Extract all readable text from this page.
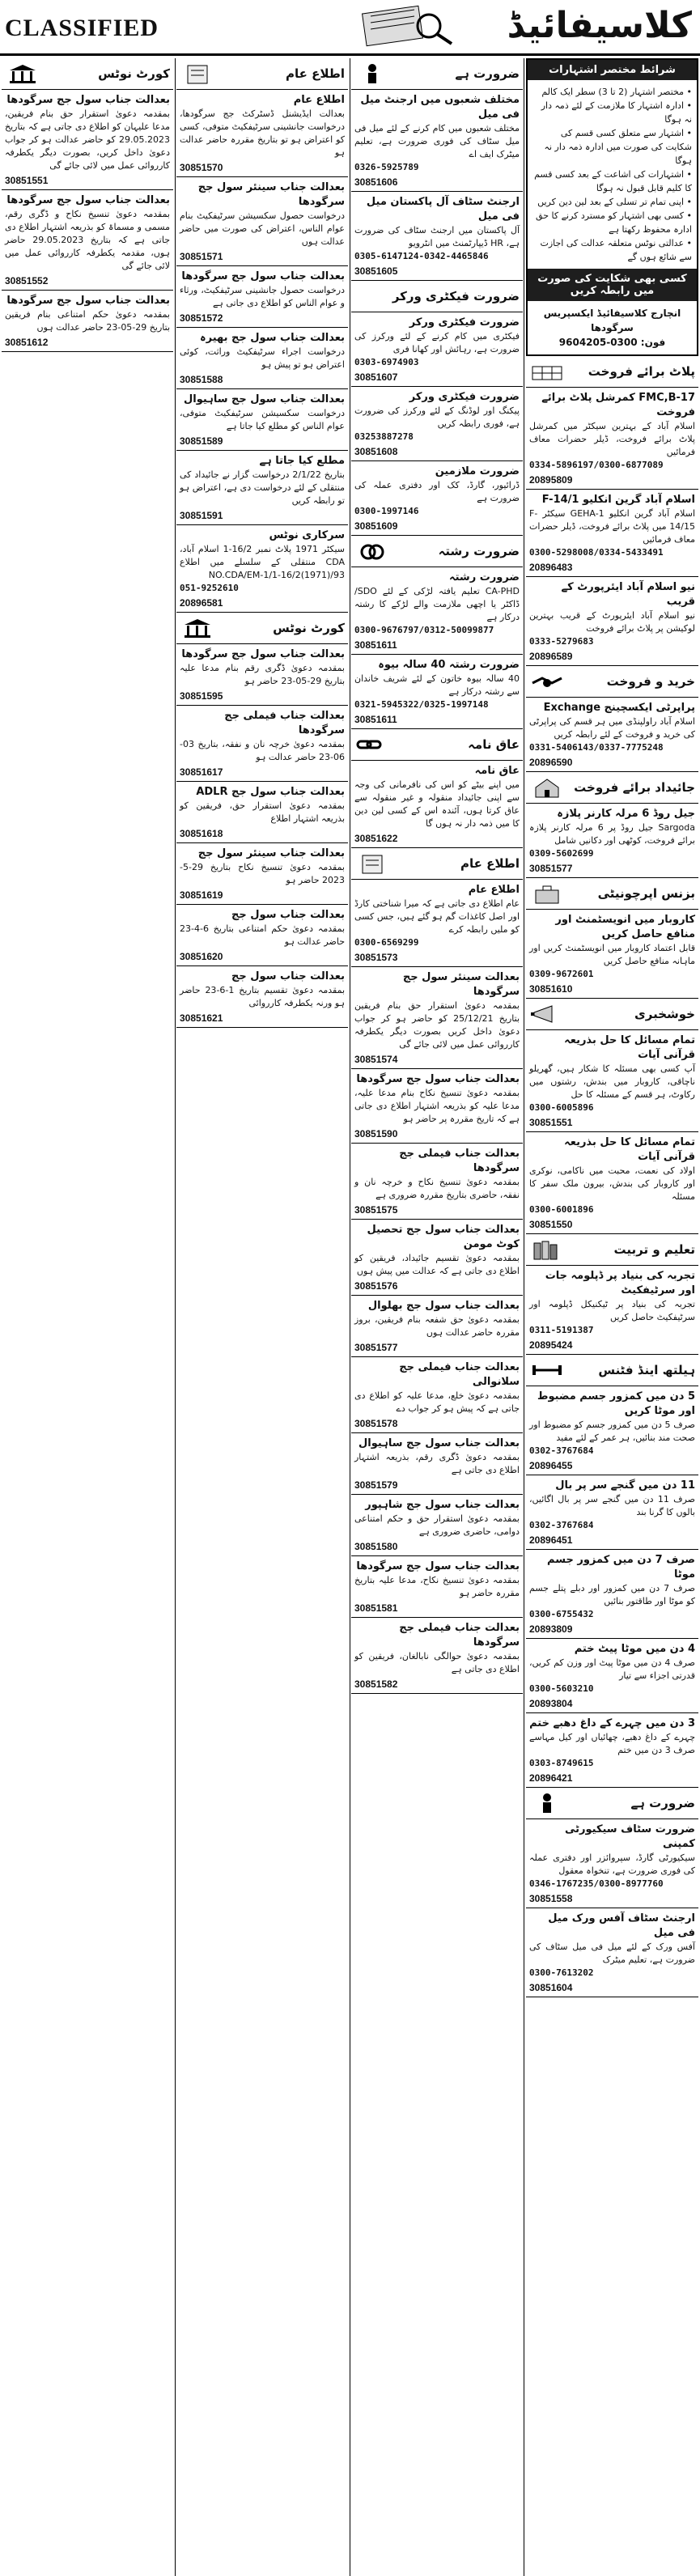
CLASSIFIED	کلاسیفائیڈ
شرائط مختصر اشتہارات
• مختصر اشتہار (2 تا 3) سطر ایک کالم
• ادارہ اشتہار کا ملازمت کے لئے ذمہ دار نہ ہوگا
• اشتہار سے متعلق کسی قسم کی شکایت کی صورت میں ادارہ ذمہ دار نہ ہوگا
• اشتہارات کی اشاعت کے بعد کسی قسم کا کلیم قابل قبول نہ ہوگا
• اپنی تمام تر تسلی کے بعد لین دین کریں
• کسی بھی اشتہار کو مسترد کرنے کا حق ادارہ محفوظ رکھتا ہے
• عدالتی نوٹس متعلقہ عدالت کی اجازت سے شائع ہوں گے
کسی بھی شکایت کی صورت میں رابطہ کریں
انچارج کلاسیفائیڈ ایکسپریس سرگودھا
فون: 0300-9604205
پلاٹ برائے فروخت
FMC,B-17 کمرشل پلاٹ برائے فروخت
اسلام آباد کے بہترین سیکٹر میں کمرشل پلاٹ برائے فروخت، ڈیلر حضرات معاف فرمائیں
0334-5896197/0300-6877089
20895809
اسلام آباد گرین انکلیو F-14/1
اسلام آباد گرین انکلیو GEHA-1 سیکٹر F-14/15 میں پلاٹ برائے فروخت، ڈیلر حضرات معاف فرمائیں
0300-5298008/0334-5433491
20896483
نیو اسلام آباد ایئرپورٹ کے قریب
نیو اسلام آباد ایئرپورٹ کے قریب بہترین لوکیشن پر پلاٹ برائے فروخت
0333-5279683
20896589
خرید و فروخت
پراپرٹی ایکسچینج Exchange
اسلام آباد راولپنڈی میں ہر قسم کی پراپرٹی کی خرید و فروخت کے لئے رابطہ کریں
0331-5406143/0337-7775248
20896590
جائیداد برائے فروخت
جیل روڈ 6 مرلہ کارنر پلازہ
Sargoda جیل روڈ پر 6 مرلہ کارنر پلازہ برائے فروخت، کوٹھی اور دکانیں شامل
0309-5602699
30851577
بزنس اپرچونیٹی
کاروبار میں انویسٹمنٹ اور منافع حاصل کریں
قابل اعتماد کاروبار میں انویسٹمنٹ کریں اور ماہانہ منافع حاصل کریں
0309-9672601
30851610
خوشخبری
تمام مسائل کا حل بذریعہ قرآنی آیات
آپ کسی بھی مسئلہ کا شکار ہیں، گھریلو ناچاقی، کاروبار میں بندش، رشتوں میں رکاوٹ، ہر قسم کے مسئلہ کا حل
0300-6005896
30851551
تمام مسائل کا حل بذریعہ قرآنی آیات
اولاد کی نعمت، محبت میں ناکامی، نوکری اور کاروبار کی بندش، بیرون ملک سفر کا مسئلہ
0300-6001896
30851550
تعلیم و تربیت
تجربہ کی بنیاد پر ڈپلومہ جات اور سرٹیفکیٹ
تجربہ کی بنیاد پر ٹیکنیکل ڈپلومہ اور سرٹیفکیٹ حاصل کریں
0311-5191387
20895424
ہیلتھ اینڈ فٹنس
5 دن میں کمزور جسم مضبوط اور موٹا کریں
صرف 5 دن میں کمزور جسم کو مضبوط اور صحت مند بنائیں، ہر عمر کے لئے مفید
0302-3767684
20896455
11 دن میں گنجے سر پر بال
صرف 11 دن میں گنجے سر پر بال اگائیں، بالوں کا گرنا بند
0302-3767684
20896451
صرف 7 دن میں کمزور جسم موٹا
صرف 7 دن میں کمزور اور دبلے پتلے جسم کو موٹا اور طاقتور بنائیں
0300-6755432
20893809
4 دن میں موٹا پیٹ ختم
صرف 4 دن میں موٹا پیٹ اور وزن کم کریں، قدرتی اجزاء سے تیار
0300-5603210
20893804
3 دن میں چہرے کے داغ دھبے ختم
چہرے کے داغ دھبے، چھائیاں اور کیل مہاسے صرف 3 دن میں ختم
0303-8749615
20896421
ضرورت ہے
ضرورت سٹاف سیکیورٹی کمپنی
سیکیورٹی گارڈ، سپروائزر اور دفتری عملہ کی فوری ضرورت ہے، تنخواہ معقول
0346-1767235/0300-8977760
30851558
ارجنٹ سٹاف آفس ورک میل فی میل
آفس ورک کے لئے میل فی میل سٹاف کی ضرورت ہے، تعلیم میٹرک
0300-7613202
30851604
ضرورت ہے
مختلف شعبوں میں ارجنٹ میل فی میل
مختلف شعبوں میں کام کرنے کے لئے میل فی میل سٹاف کی فوری ضرورت ہے، تعلیم میٹرک ایف اے
0326-5925789
30851606
ارجنٹ سٹاف آل پاکستان میل فی میل
آل پاکستان میں ارجنٹ سٹاف کی ضرورت ہے، HR ڈیپارٹمنٹ میں انٹرویو
0305-6147124-0342-4465846
30851605
ضرورت فیکٹری ورکر
ضرورت فیکٹری ورکر
فیکٹری میں کام کرنے کے لئے ورکرز کی ضرورت ہے، رہائش اور کھانا فری
0303-6974903
30851607
ضرورت فیکٹری ورکر
پیکنگ اور لوڈنگ کے لئے ورکرز کی ضرورت ہے، فوری رابطہ کریں
03253887278
30851608
ضرورت ملازمین
ڈرائیور، گارڈ، کک اور دفتری عملہ کی ضرورت ہے
0300-1997146
30851609
ضرورت رشتہ
ضرورت رشتہ
CA-PHD تعلیم یافتہ لڑکی کے لئے SDO/ڈاکٹر یا اچھی ملازمت والے لڑکے کا رشتہ درکار ہے
0300-9676797/0312-50099877
30851611
ضرورت رشتہ 40 سالہ بیوہ
40 سالہ بیوہ خاتون کے لئے شریف خاندان سے رشتہ درکار ہے
0321-5945322/0325-1997148
30851611
عاق نامہ
عاق نامہ
میں اپنے بیٹے کو اس کی نافرمانی کی وجہ سے اپنی جائیداد منقولہ و غیر منقولہ سے عاق کرتا ہوں، آئندہ اس کے کسی لین دین کا میں ذمہ دار نہ ہوں گا
30851622
اطلاع عام
اطلاع عام
عام اطلاع دی جاتی ہے کہ میرا شناختی کارڈ اور اصل کاغذات گم ہو گئے ہیں، جس کسی کو ملیں رابطہ کرے
0300-6569299
30851573
بعدالت سینئر سول جج سرگودھا
بمقدمہ دعویٰ استقرار حق بنام فریقین بتاریخ 25/12/21 کو حاضر ہو کر جواب دعویٰ داخل کریں بصورت دیگر یکطرفہ کارروائی عمل میں لائی جائے گی
30851574
بعدالت جناب سول جج سرگودھا
بمقدمہ دعویٰ تنسیخ نکاح بنام مدعا علیہ، مدعا علیہ کو بذریعہ اشتہار اطلاع دی جاتی ہے کہ تاریخ مقررہ پر حاضر ہو
30851590
بعدالت جناب فیملی جج سرگودھا
بمقدمہ دعویٰ تنسیخ نکاح و خرچہ نان و نفقہ، حاضری بتاریخ مقررہ ضروری ہے
30851575
بعدالت جناب سول جج تحصیل کوٹ مومن
بمقدمہ دعویٰ تقسیم جائیداد، فریقین کو اطلاع دی جاتی ہے کہ عدالت میں پیش ہوں
30851576
بعدالت جناب سول جج بھلوال
بمقدمہ دعویٰ حق شفعہ بنام فریقین، بروز مقررہ حاضر عدالت ہوں
30851577
بعدالت جناب فیملی جج سلانوالی
بمقدمہ دعویٰ خلع، مدعا علیہ کو اطلاع دی جاتی ہے کہ پیش ہو کر جواب دے
30851578
بعدالت جناب سول جج ساہیوال
بمقدمہ دعویٰ ڈگری رقم، بذریعہ اشتہار اطلاع دی جاتی ہے
30851579
بعدالت جناب سول جج شاہپور
بمقدمہ دعویٰ استقرار حق و حکم امتناعی دوامی، حاضری ضروری ہے
30851580
بعدالت جناب سول جج سرگودھا
بمقدمہ دعویٰ تنسیخ نکاح، مدعا علیہ بتاریخ مقررہ حاضر ہو
30851581
بعدالت جناب فیملی جج سرگودھا
بمقدمہ دعویٰ حوالگی نابالغان، فریقین کو اطلاع دی جاتی ہے
30851582
اطلاع عام
اطلاع عام
بعدالت ایڈیشنل ڈسٹرکٹ جج سرگودھا، درخواست جانشینی سرٹیفکیٹ متوفی، کسی کو اعتراض ہو تو بتاریخ مقررہ حاضر عدالت ہو
30851570
بعدالت جناب سینئر سول جج سرگودھا
درخواست حصول سکسیشن سرٹیفکیٹ بنام عوام الناس، اعتراض کی صورت میں حاضر عدالت ہوں
30851571
بعدالت جناب سول جج سرگودھا
درخواست حصول جانشینی سرٹیفکیٹ، ورثاء و عوام الناس کو اطلاع دی جاتی ہے
30851572
بعدالت جناب سول جج بھیرہ
درخواست اجراء سرٹیفکیٹ وراثت، کوئی اعتراض ہو تو پیش ہو
30851588
بعدالت جناب سول جج ساہیوال
درخواست سکسیشن سرٹیفکیٹ متوفی، عوام الناس کو مطلع کیا جاتا ہے
30851589
مطلع کیا جاتا ہے
بتاریخ 2/1/22 درخواست گزار نے جائیداد کی منتقلی کے لئے درخواست دی ہے، اعتراض ہو تو رابطہ کریں
30851591
سرکاری نوٹس
سیکٹر 1971 پلاٹ نمبر 16/2-1 اسلام آباد، CDA منتقلی کے سلسلے میں اطلاع NO.CDA/EM-1/1-16/2(1971)/93
051-9252610
20896581
کورٹ نوٹس
بعدالت جناب سول جج سرگودھا
بمقدمہ دعویٰ ڈگری رقم بنام مدعا علیہ بتاریخ 29-05-23 حاضر ہو
30851595
بعدالت جناب فیملی جج سرگودھا
بمقدمہ دعویٰ خرچہ نان و نفقہ، بتاریخ 03-06-23 حاضر عدالت ہو
30851617
بعدالت جناب سول جج ADLR
بمقدمہ دعویٰ استقرار حق، فریقین کو بذریعہ اشتہار اطلاع
30851618
بعدالت جناب سینئر سول جج
بمقدمہ دعویٰ تنسیخ نکاح بتاریخ 29-5-2023 حاضر ہو
30851619
بعدالت جناب سول جج
بمقدمہ دعویٰ حکم امتناعی بتاریخ 6-4-23 حاضر عدالت ہو
30851620
بعدالت جناب سول جج
بمقدمہ دعویٰ تقسیم بتاریخ 1-6-23 حاضر ہو ورنہ یکطرفہ کارروائی
30851621
کورٹ نوٹس
بعدالت جناب سول جج سرگودھا
بمقدمہ دعویٰ استقرار حق بنام فریقین، مدعا علیہان کو اطلاع دی جاتی ہے کہ بتاریخ 29.05.2023 کو حاضر عدالت ہو کر جواب دعویٰ داخل کریں، بصورت دیگر یکطرفہ کارروائی عمل میں لائی جائے گی
30851551
بعدالت جناب سول جج سرگودھا
بمقدمہ دعویٰ تنسیخ نکاح و ڈگری رقم، مسمی و مسماۃ کو بذریعہ اشتہار اطلاع دی جاتی ہے کہ بتاریخ 29.05.2023 حاضر ہوں، مقدمہ یکطرفہ کارروائی عمل میں لائی جائے گی
30851552
بعدالت جناب سول جج سرگودھا
بمقدمہ دعویٰ حکم امتناعی بنام فریقین بتاریخ 29-05-23 حاضر عدالت ہوں
30851612
